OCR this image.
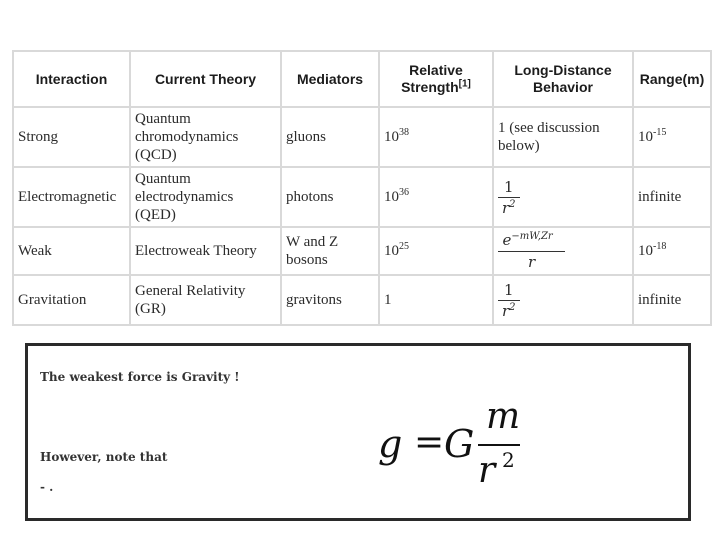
Interaction	Current Theory	Mediators	Relative Strength[1]	Long-Distance Behavior	Range(m)
Strong	Quantum chromodynamics (QCD)	gluons	$10^{38}$	1 (see discussion below)	$10^{-15}$
Electromagnetic	Quantum electrodynamics (QED)	photons	$10^{36}$	$\frac{1}{r^2}$	infinite
Weak	Electroweak Theory	W and Z bosons	$10^{25}$	$\frac{e^{-mW,Zr}}{r}$	$10^{-18}$
Gravitation	General Relativity (GR)	gravitons	1	$\frac{1}{r^2}$	infinite
The weakest force is Gravity !
However, note that
- .
g = G
m
r 2
